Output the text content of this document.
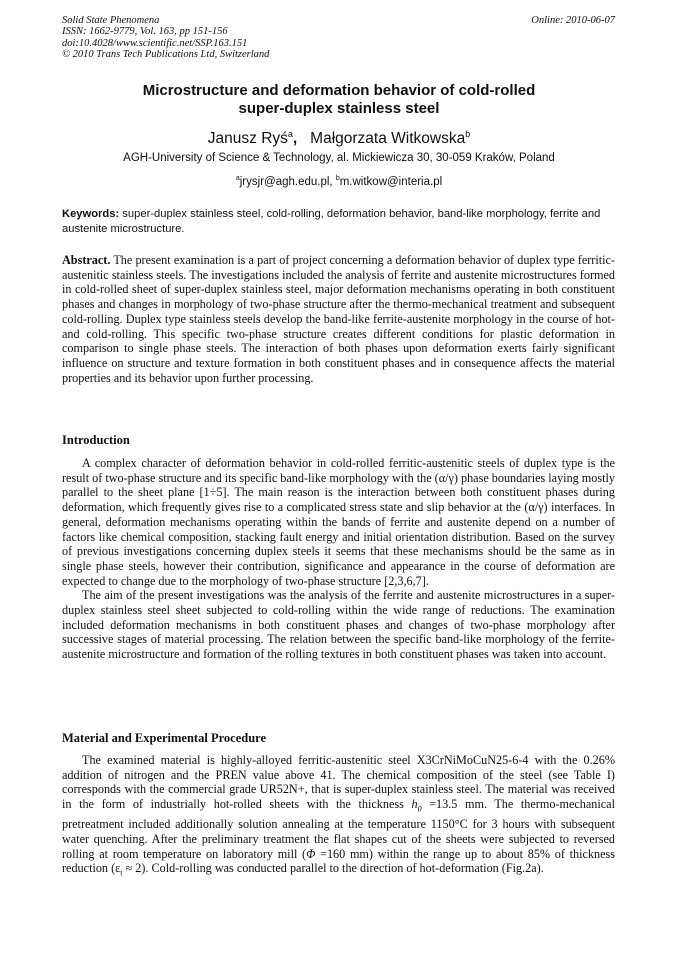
Solid State Phenomena
ISSN: 1662-9779, Vol. 163, pp 151-156
doi:10.4028/www.scientific.net/SSP.163.151
© 2010 Trans Tech Publications Ltd, Switzerland
Online: 2010-06-07
Microstructure and deformation behavior of cold-rolled
super-duplex stainless steel
Janusz Ryś$^a$, Małgorzata Witkowska$^b$
AGH-University of Science & Technology, al. Mickiewicza 30, 30-059 Kraków, Poland
$^a$jrysjr@agh.edu.pl, $^b$m.witkow@interia.pl
Keywords: super-duplex stainless steel, cold-rolling, deformation behavior, band-like morphology, ferrite and austenite microstructure.

Abstract. The present examination is a part of project concerning a deformation behavior of duplex type ferritic-austenitic stainless steels. The investigations included the analysis of ferrite and austenite microstructures formed in cold-rolled sheet of super-duplex stainless steel, major deformation mechanisms operating in both constituent phases and changes in morphology of two-phase structure after the thermo-mechanical treatment and subsequent cold-rolling. Duplex type stainless steels develop the band-like ferrite-austenite morphology in the course of hot- and cold-rolling. This specific two-phase structure creates different conditions for plastic deformation in comparison to single phase steels. The interaction of both phases upon deformation exerts fairly significant influence on structure and texture formation in both constituent phases and in consequence affects the material properties and its behavior upon further processing.

Introduction

A complex character of deformation behavior in cold-rolled ferritic-austenitic steels of duplex type is the result of two-phase structure and its specific band-like morphology with the (α/γ) phase boundaries laying mostly parallel to the sheet plane [1÷5]. The main reason is the interaction between both constituent phases during deformation, which frequently gives rise to a complicated stress state and slip behavior at the (α/γ) interfaces. In general, deformation mechanisms operating within the bands of ferrite and austenite depend on a number of factors like chemical composition, stacking fault energy and initial orientation distribution. Based on the survey of previous investigations concerning duplex steels it seems that these mechanisms should be the same as in single phase steels, however their contribution, significance and appearance in the course of deformation are expected to change due to the morphology of two-phase structure [2,3,6,7].

The aim of the present investigations was the analysis of the ferrite and austenite microstructures in a super-duplex stainless steel sheet subjected to cold-rolling within the wide range of reductions. The examination included deformation mechanisms in both constituent phases and changes of two-phase morphology after successive stages of material processing. The relation between the specific band-like morphology of the ferrite-austenite microstructure and formation of the rolling textures in both constituent phases was taken into account.

Material and Experimental Procedure

The examined material is highly-alloyed ferritic-austenitic steel X3CrNiMoCuN25-6-4 with the 0.26% addition of nitrogen and the PREN value above 41. The chemical composition of the steel (see Table I) corresponds with the commercial grade UR52N+, that is super-duplex stainless steel. The material was received in the form of industrially hot-rolled sheets with the thickness $h_0 =13.5$ mm. The thermo-mechanical pretreatment included additionally solution annealing at the temperature 1150°C for 3 hours with subsequent water quenching. After the preliminary treatment the flat shapes cut of the sheets were subjected to reversed rolling at room temperature on laboratory mill (Φ =160 mm) within the range up to about 85% of thickness reduction $(\varepsilon_t \approx 2)$. Cold-rolling was conducted parallel to the direction of hot-deformation (Fig.2a).
